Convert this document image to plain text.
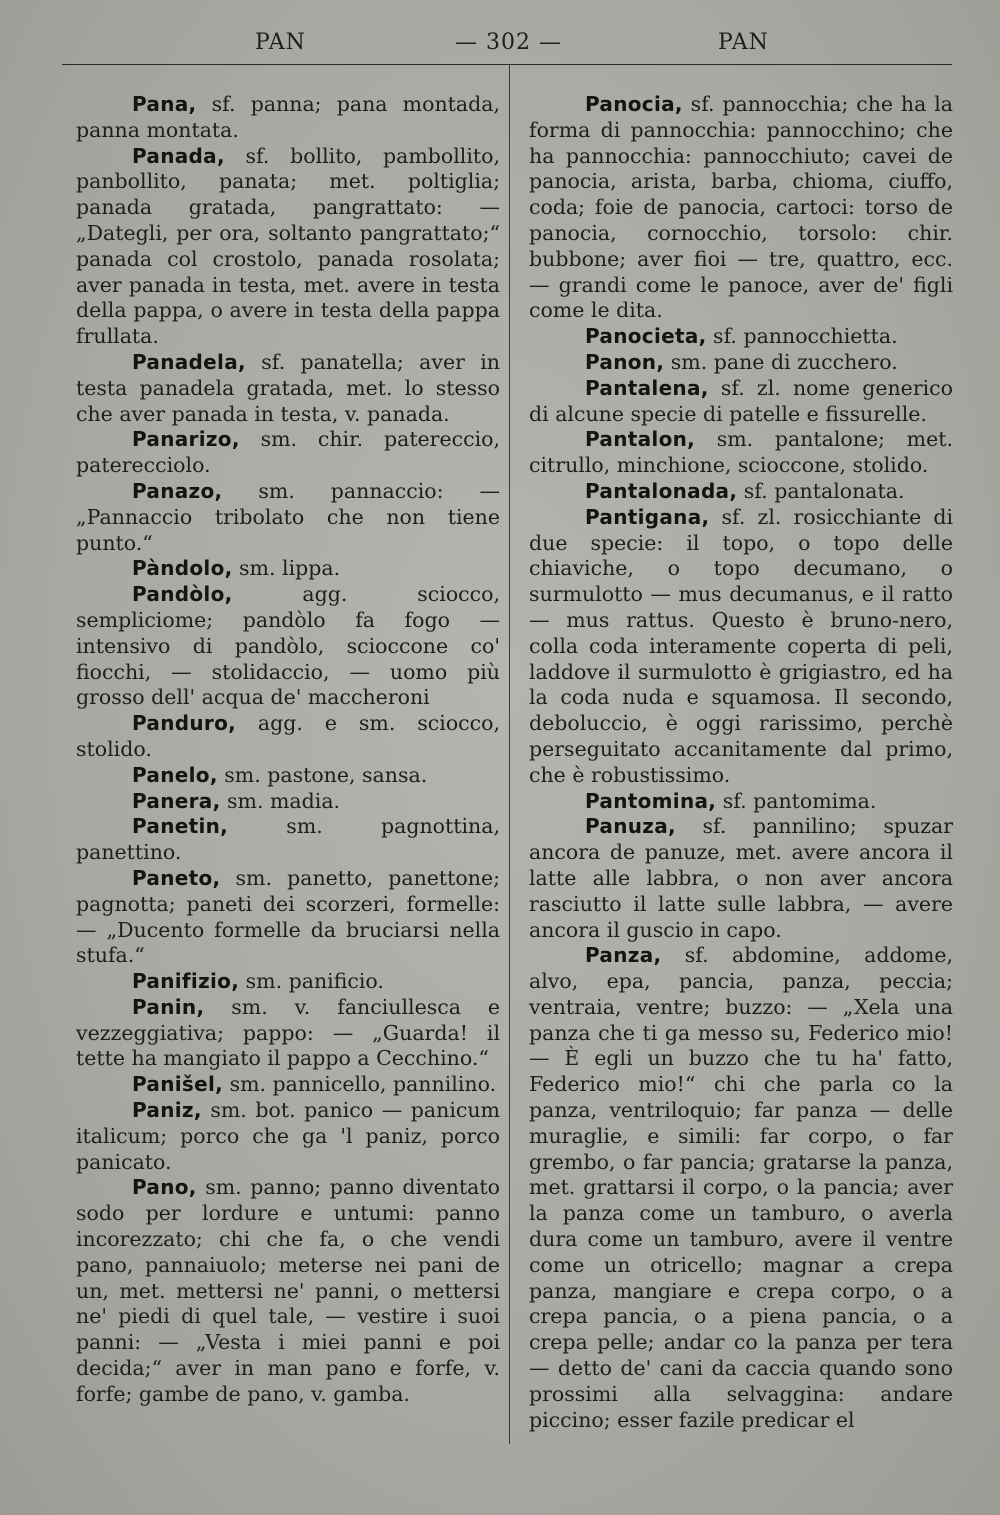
PAN	— 302 —	PAN

Pana, sf. panna; pana montada, panna montata.

Panada, sf. bollito, pambollito, panbollito, panata; met. poltiglia; panada gratada, pangrattato: — „Dategli, per ora, soltanto pangrattato;“ panada col crostolo, panada rosolata; aver panada in testa, met. avere in testa della pappa, o avere in testa della pappa frullata.

Panadela, sf. panatella; aver in testa panadela gratada, met. lo stesso che aver panada in testa, v. panada.

Panarizo, sm. chir. patereccio, paterecciolo.

Panazo, sm. pannaccio: — „Pannaccio tribolato che non tiene punto.“

Pàndolo, sm. lippa.

Pandòlo, agg. sciocco, sempliciome; pandòlo fa fogo — intensivo di pandòlo, scioccone co' fiocchi, — stolidaccio, — uomo più grosso dell' acqua de' maccheroni

Panduro, agg. e sm. sciocco, stolido.

Panelo, sm. pastone, sansa.

Panera, sm. madia.

Panetin, sm. pagnottina, panettino.

Paneto, sm. panetto, panettone; pagnotta; paneti dei scorzeri, formelle: — „Ducento formelle da bruciarsi nella stufa.“

Panifizio, sm. panificio.

Panin, sm. v. fanciullesca e vezzeggiativa; pappo: — „Guarda! il tette ha mangiato il pappo a Cecchino.“

Panišel, sm. pannicello, pannilino.

Paniz, sm. bot. panico — panicum italicum; porco che ga 'l paniz, porco panicato.

Pano, sm. panno; panno diventato sodo per lordure e untumi: panno incorezzato; chi che fa, o che vendi pano, pannaiuolo; meterse nei pani de un, met. mettersi ne' panni, o mettersi ne' piedi di quel tale, — vestire i suoi panni: — „Vesta i miei panni e poi decida;“ aver in man pano e forfe, v. forfe; gambe de pano, v. gamba.

Panocia, sf. pannocchia; che ha la forma di pannocchia: pannocchino; che ha pannocchia: pannocchiuto; cavei de panocia, arista, barba, chioma, ciuffo, coda; foie de panocia, cartoci: torso de panocia, cornocchio, torsolo: chir. bubbone; aver fioi — tre, quattro, ecc. — grandi come le panoce, aver de' figli come le dita.

Panocieta, sf. pannocchietta.

Panon, sm. pane di zucchero.

Pantalena, sf. zl. nome generico di alcune specie di patelle e fissurelle.

Pantalon, sm. pantalone; met. citrullo, minchione, scioccone, stolido.

Pantalonada, sf. pantalonata.

Pantigana, sf. zl. rosicchiante di due specie: il topo, o topo delle chiaviche, o topo decumano, o surmulotto — mus decumanus, e il ratto — mus rattus. Questo è bruno-nero, colla coda interamente coperta di peli, laddove il surmulotto è grigiastro, ed ha la coda nuda e squamosa. Il secondo, deboluccio, è oggi rarissimo, perchè perseguitato accanitamente dal primo, che è robustissimo.

Pantomina, sf. pantomima.

Panuza, sf. pannilino; spuzar ancora de panuze, met. avere ancora il latte alle labbra, o non aver ancora rasciutto il latte sulle labbra, — avere ancora il guscio in capo.

Panza, sf. abdomine, addome, alvo, epa, pancia, panza, peccia; ventraia, ventre; buzzo: — „Xela una panza che ti ga messo su, Federico mio! — È egli un buzzo che tu ha' fatto, Federico mio!“ chi che parla co la panza, ventriloquio; far panza — delle muraglie, e simili: far corpo, o far grembo, o far pancia; gratarse la panza, met. grattarsi il corpo, o la pancia; aver la panza come un tamburo, o averla dura come un tamburo, avere il ventre come un otricello; magnar a crepa panza, mangiare e crepa corpo, o a crepa pancia, o a piena pancia, o a crepa pelle; andar co la panza per tera — detto de' cani da caccia quando sono prossimi alla selvaggina: andare piccino; esser fazile predicar el
